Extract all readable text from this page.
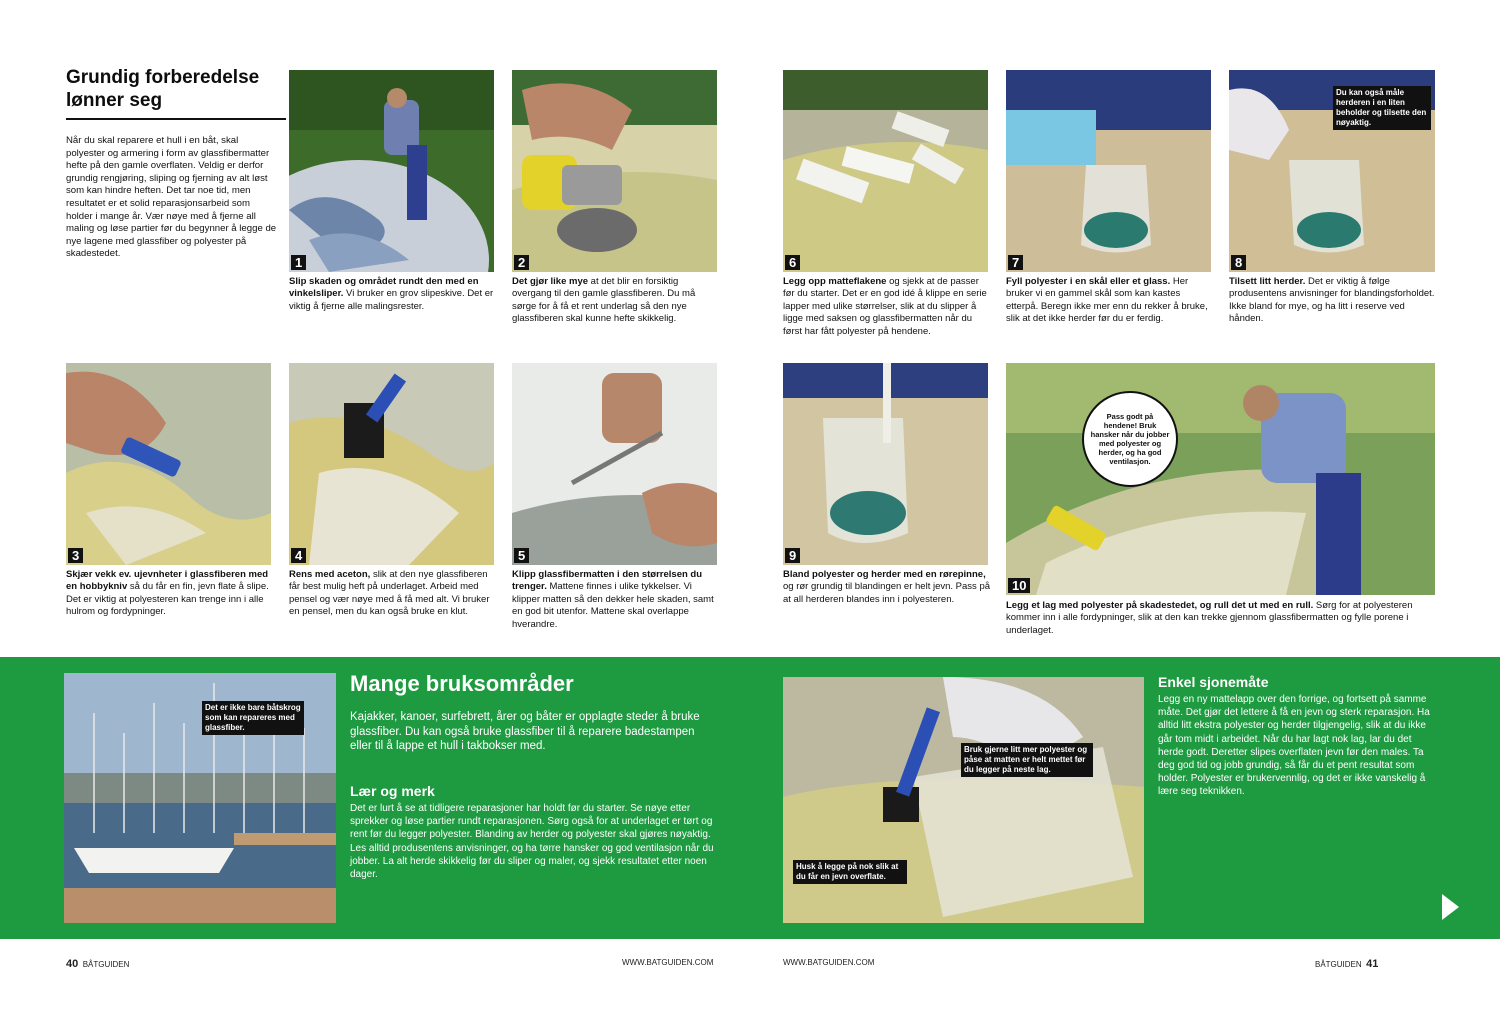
Grundig forberedelse lønner seg
Når du skal reparere et hull i en båt, skal polyester og armering i form av glassfibermatter hefte på den gamle overflaten. Veldig er derfor grundig rengjøring, sliping og fjerning av alt løst som kan hindre heften. Det tar noe tid, men resultatet er et solid reparasjonsarbeid som holder i mange år. Vær nøye med å fjerne all maling og løse partier før du begynner å legge de nye lagene med glassfiber og polyester på skadestedet.
1
Slip skaden og området rundt den med en vinkelsliper. Vi bruker en grov slipeskive. Det er viktig å fjerne alle malingsrester.
2
Det gjør like mye at det blir en forsiktig overgang til den gamle glassfiberen. Du må sørge for å få et rent underlag så den nye glassfiberen skal kunne hefte skikkelig.
3
Skjær vekk ev. ujevnheter i glassfiberen med en hobbykniv så du får en fin, jevn flate å slipe. Det er viktig at polyesteren kan trenge inn i alle hulrom og fordypninger.
4
Rens med aceton, slik at den nye glassfiberen får best mulig heft på underlaget. Arbeid med pensel og vær nøye med å få med alt. Vi bruker en pensel, men du kan også bruke en klut.
5
Klipp glassfibermatten i den størrelsen du trenger. Mattene finnes i ulike tykkelser. Vi klipper matten så den dekker hele skaden, samt en god bit utenfor. Mattene skal overlappe hverandre.
6
Legg opp matteflakene og sjekk at de passer før du starter. Det er en god idé å klippe en serie lapper med ulike størrelser, slik at du slipper å ligge med saksen og glassfibermatten når du først har fått polyester på hendene.
7
Fyll polyester i en skål eller et glass. Her bruker vi en gammel skål som kan kastes etterpå. Beregn ikke mer enn du rekker å bruke, slik at det ikke herder før du er ferdig.
Du kan også måle herderen i en liten beholder og tilsette den nøyaktig.
8
Tilsett litt herder. Det er viktig å følge produsentens anvisninger for blandingsforholdet. Ikke bland for mye, og ha litt i reserve ved hånden.
9
Bland polyester og herder med en rørepinne, og rør grundig til blandingen er helt jevn. Pass på at all herderen blandes inn i polyesteren.
Pass godt på hendene! Bruk hansker når du jobber med polyester og herder, og ha god ventilasjon.
10
Legg et lag med polyester på skadestedet, og rull det ut med en rull. Sørg for at polyesteren kommer inn i alle fordypninger, slik at den kan trekke gjennom glassfibermatten og fylle porene i underlaget.
Det er ikke bare båtskrog som kan repareres med glassfiber.
Mange bruksområder
Kajakker, kanoer, surfebrett, årer og båter er opplagte steder å bruke glassfiber. Du kan også bruke glassfiber til å reparere badestampen eller til å lappe et hull i takbokser med.
Lær og merk
Det er lurt å se at tidligere reparasjoner har holdt før du starter. Se nøye etter sprekker og løse partier rundt reparasjonen. Sørg også for at underlaget er tørt og rent før du legger polyester. Blanding av herder og polyester skal gjøres nøyaktig. Les alltid produsentens anvisninger, og ha tørre hansker og god ventilasjon når du jobber. La alt herde skikkelig før du sliper og maler, og sjekk resultatet etter noen dager.
Bruk gjerne litt mer polyester og påse at matten er helt mettet før du legger på neste lag.
Husk å legge på nok slik at du får en jevn overflate.
Enkel sjonemåte
Legg en ny mattelapp over den forrige, og fortsett på samme måte. Det gjør det lettere å få en jevn og sterk reparasjon. Ha alltid litt ekstra polyester og herder tilgjengelig, slik at du ikke går tom midt i arbeidet. Når du har lagt nok lag, lar du det herde godt. Deretter slipes overflaten jevn før den males. Ta deg god tid og jobb grundig, så får du et pent resultat som holder. Polyester er brukervennlig, og det er ikke vanskelig å lære seg teknikken.
40 BÅTGUIDEN	WWW.BATGUIDEN.COM	WWW.BATGUIDEN.COM	BÅTGUIDEN 41
